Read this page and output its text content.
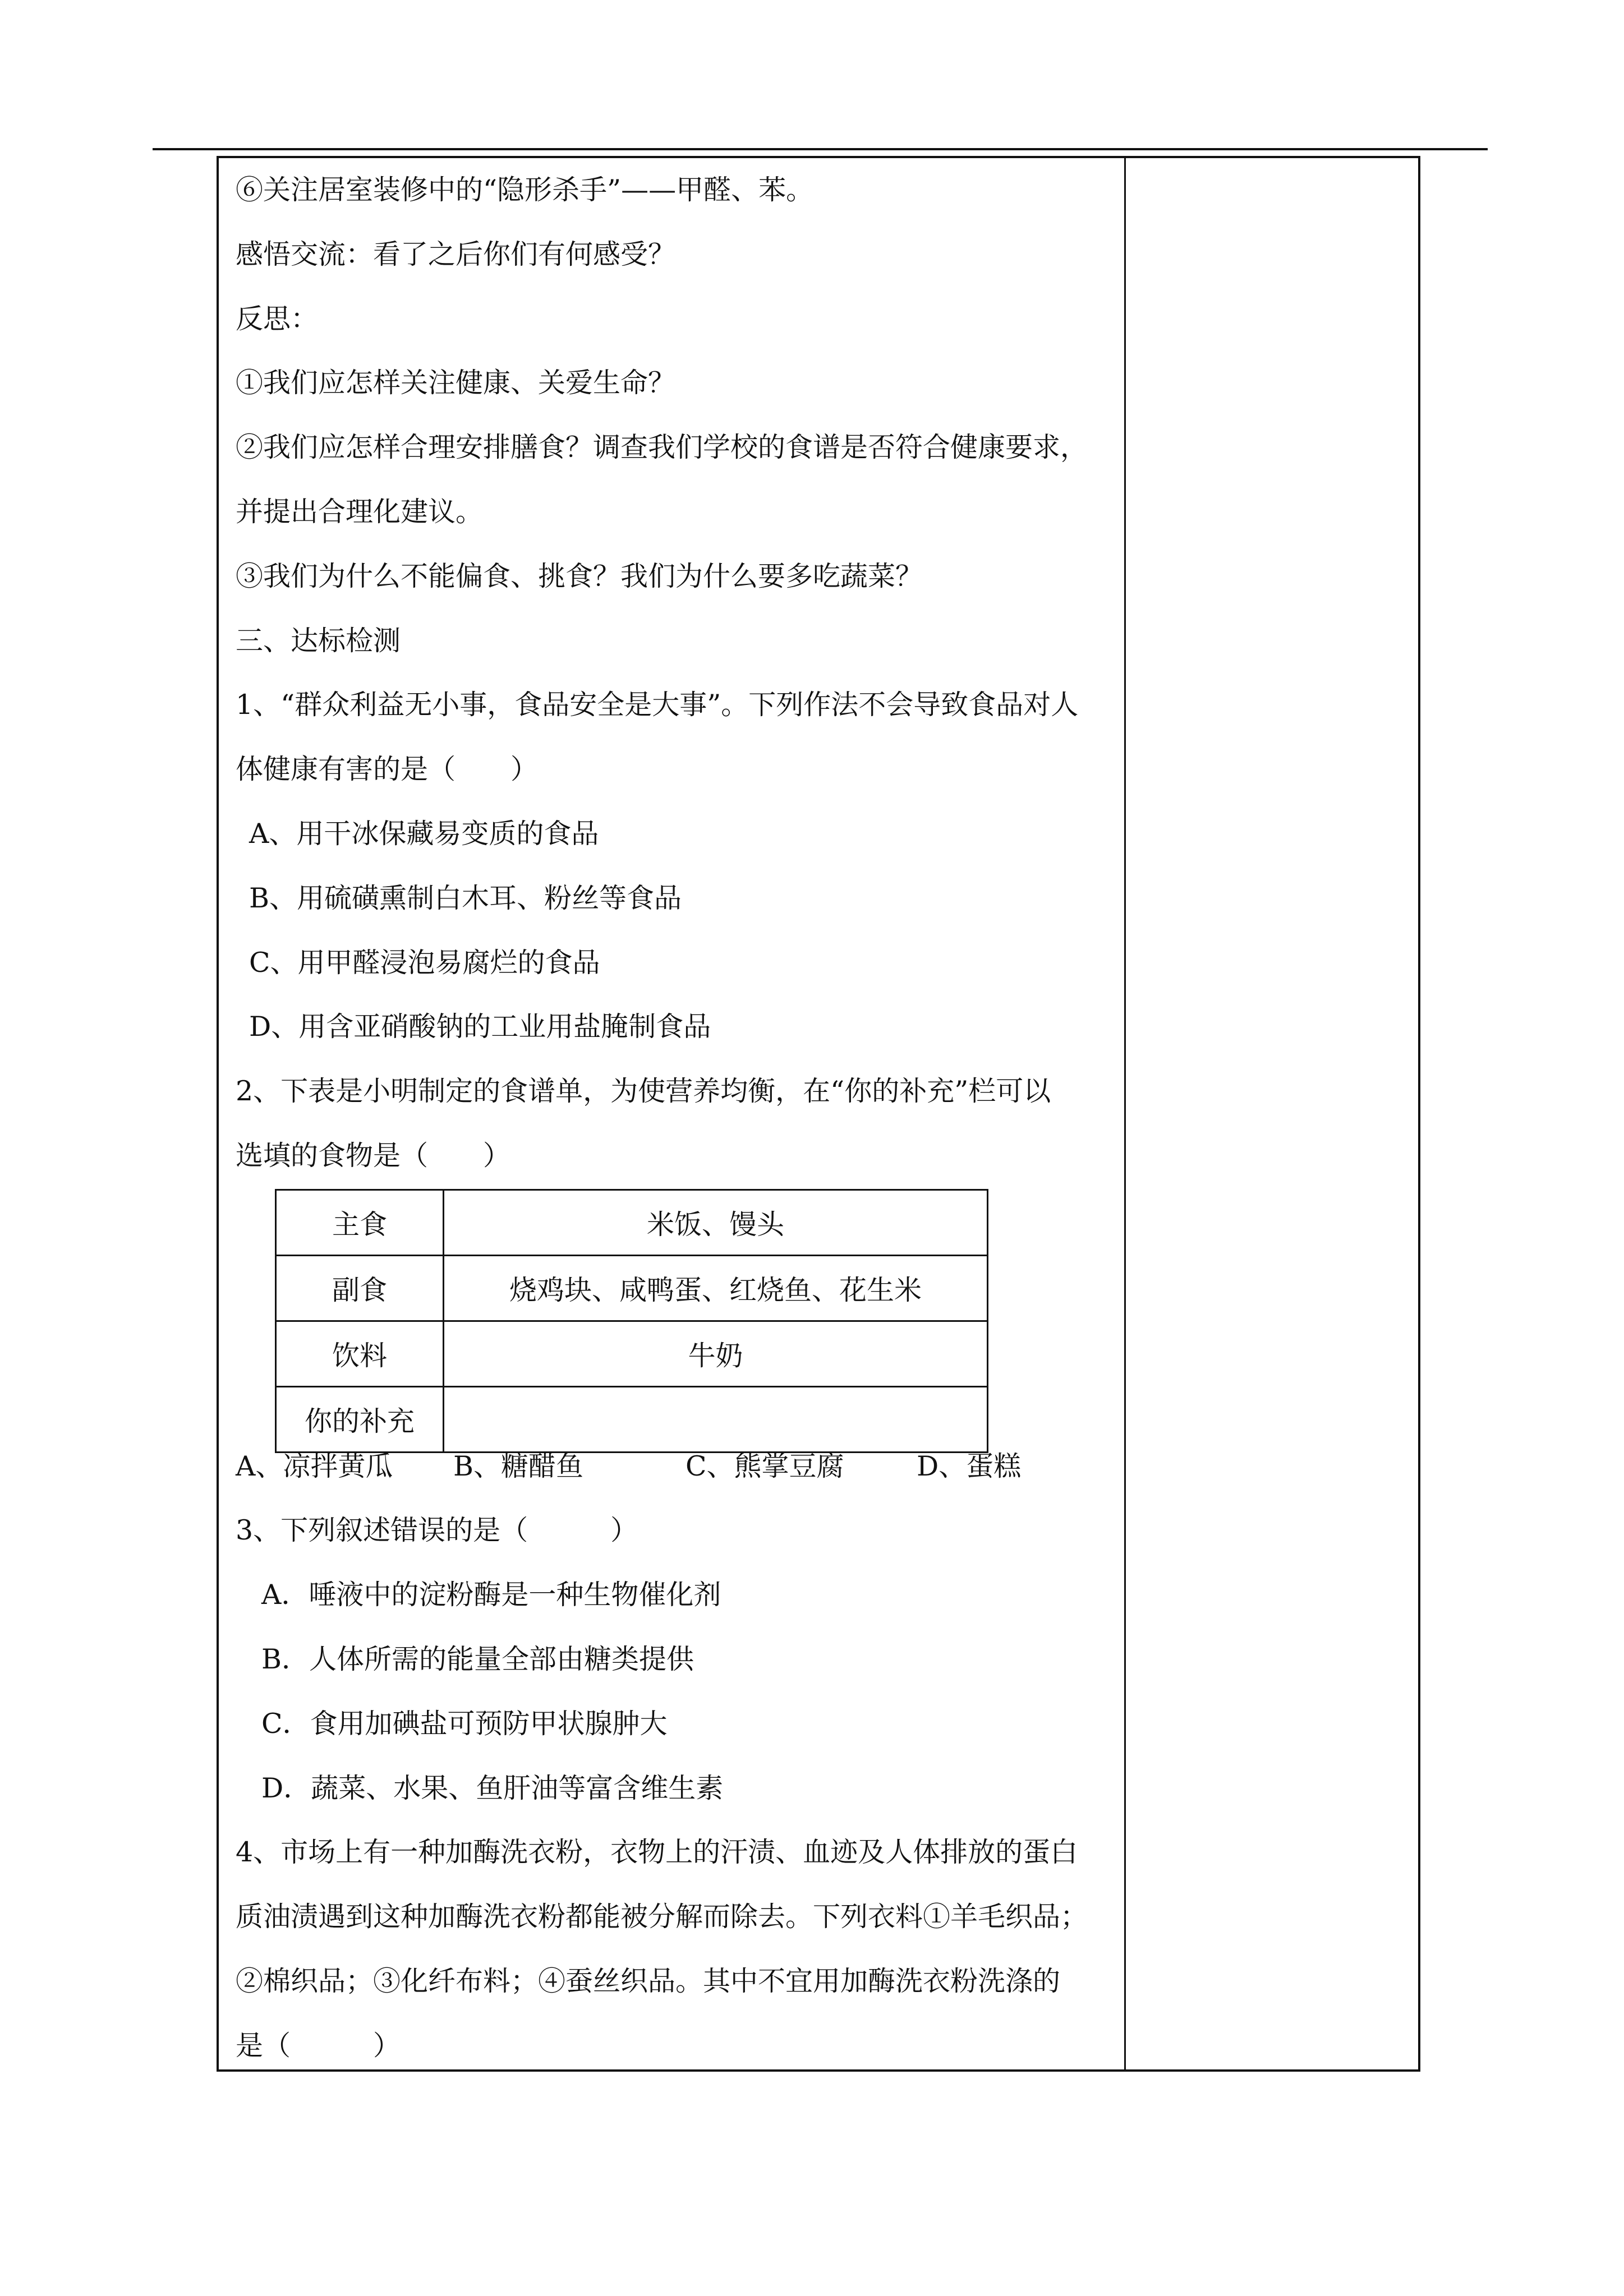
⑥关注居室装修中的“隐形杀手”——甲醛、苯。
感悟交流：看了之后你们有何感受？
反思：
①我们应怎样关注健康、关爱生命？
②我们应怎样合理安排膳食？调查我们学校的食谱是否符合健康要求，
并提出合理化建议。
③我们为什么不能偏食、挑食？我们为什么要多吃蔬菜？
三、达标检测
1、“群众利益无小事，食品安全是大事”。下列作法不会导致食品对人
体健康有害的是（　　）
A、用干冰保藏易变质的食品
B、用硫磺熏制白木耳、粉丝等食品
C、用甲醛浸泡易腐烂的食品
D、用含亚硝酸钠的工业用盐腌制食品
2、下表是小明制定的食谱单，为使营养均衡，在“你的补充”栏可以
选填的食物是（　　）
主食	米饭、馒头
副食	烧鸡块、咸鸭蛋、红烧鱼、花生米
饮料	牛奶
你的补充	
A、凉拌黄瓜 B、糖醋鱼	C、熊掌豆腐	D、蛋糕
3、下列叙述错误的是（　　　）
A．唾液中的淀粉酶是一种生物催化剂
B．人体所需的能量全部由糖类提供
C．食用加碘盐可预防甲状腺肿大
D．蔬菜、水果、鱼肝油等富含维生素
4、市场上有一种加酶洗衣粉，衣物上的汗渍、血迹及人体排放的蛋白
质油渍遇到这种加酶洗衣粉都能被分解而除去。下列衣料①羊毛织品；
②棉织品；③化纤布料；④蚕丝织品。其中不宜用加酶洗衣粉洗涤的
是（　　　）
